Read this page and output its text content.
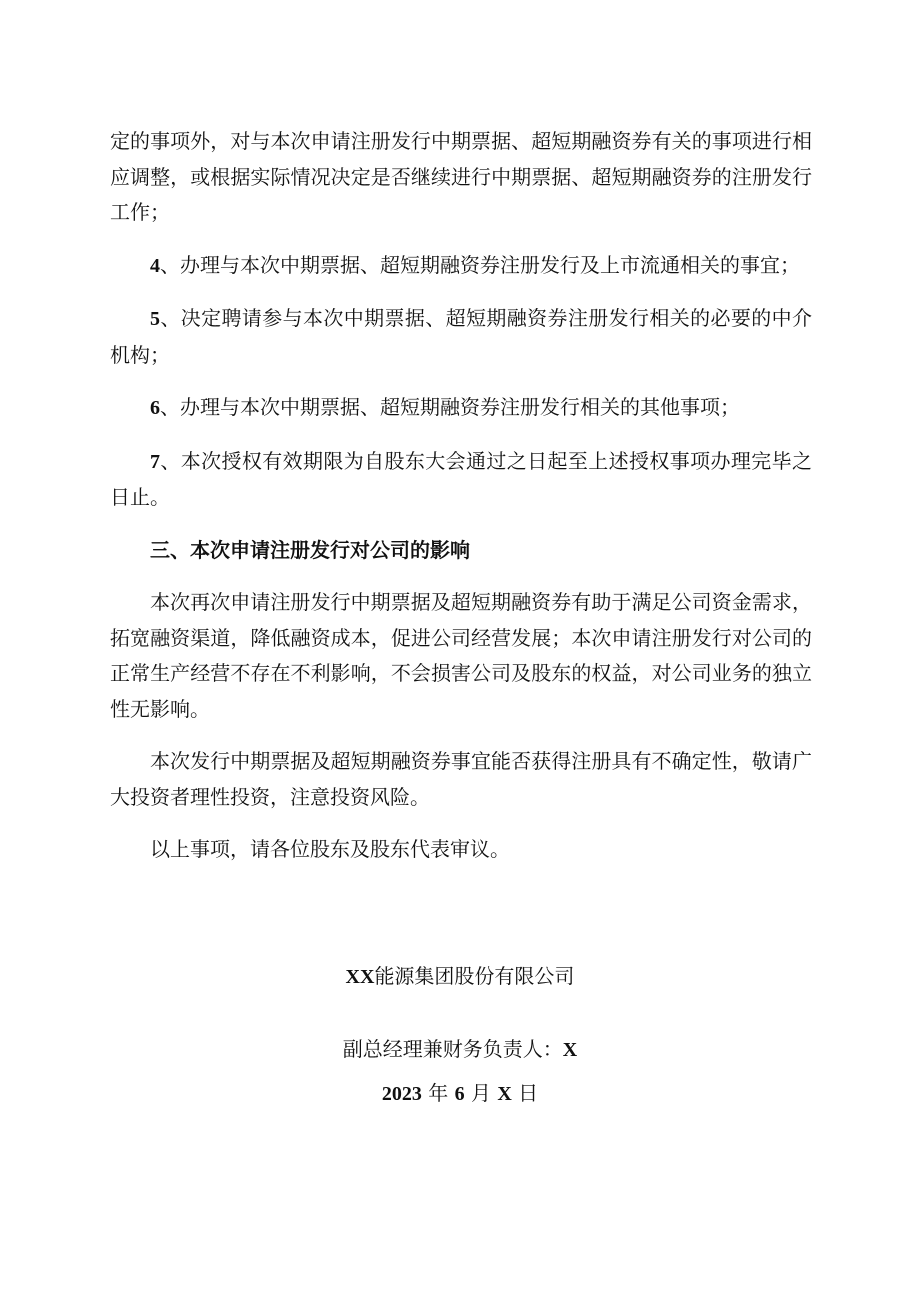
定的事项外，对与本次申请注册发行中期票据、超短期融资券有关的事项进行相应调整，或根据实际情况决定是否继续进行中期票据、超短期融资券的注册发行工作；

4、办理与本次中期票据、超短期融资券注册发行及上市流通相关的事宜；

5、决定聘请参与本次中期票据、超短期融资券注册发行相关的必要的中介机构；

6、办理与本次中期票据、超短期融资券注册发行相关的其他事项；

7、本次授权有效期限为自股东大会通过之日起至上述授权事项办理完毕之日止。

三、本次申请注册发行对公司的影响

本次再次申请注册发行中期票据及超短期融资券有助于满足公司资金需求，拓宽融资渠道，降低融资成本，促进公司经营发展；本次申请注册发行对公司的正常生产经营不存在不利影响，不会损害公司及股东的权益，对公司业务的独立性无影响。

本次发行中期票据及超短期融资券事宜能否获得注册具有不确定性，敬请广大投资者理性投资，注意投资风险。

以上事项，请各位股东及股东代表审议。

XX能源集团股份有限公司
副总经理兼财务负责人：X
2023 年 6 月 X 日
